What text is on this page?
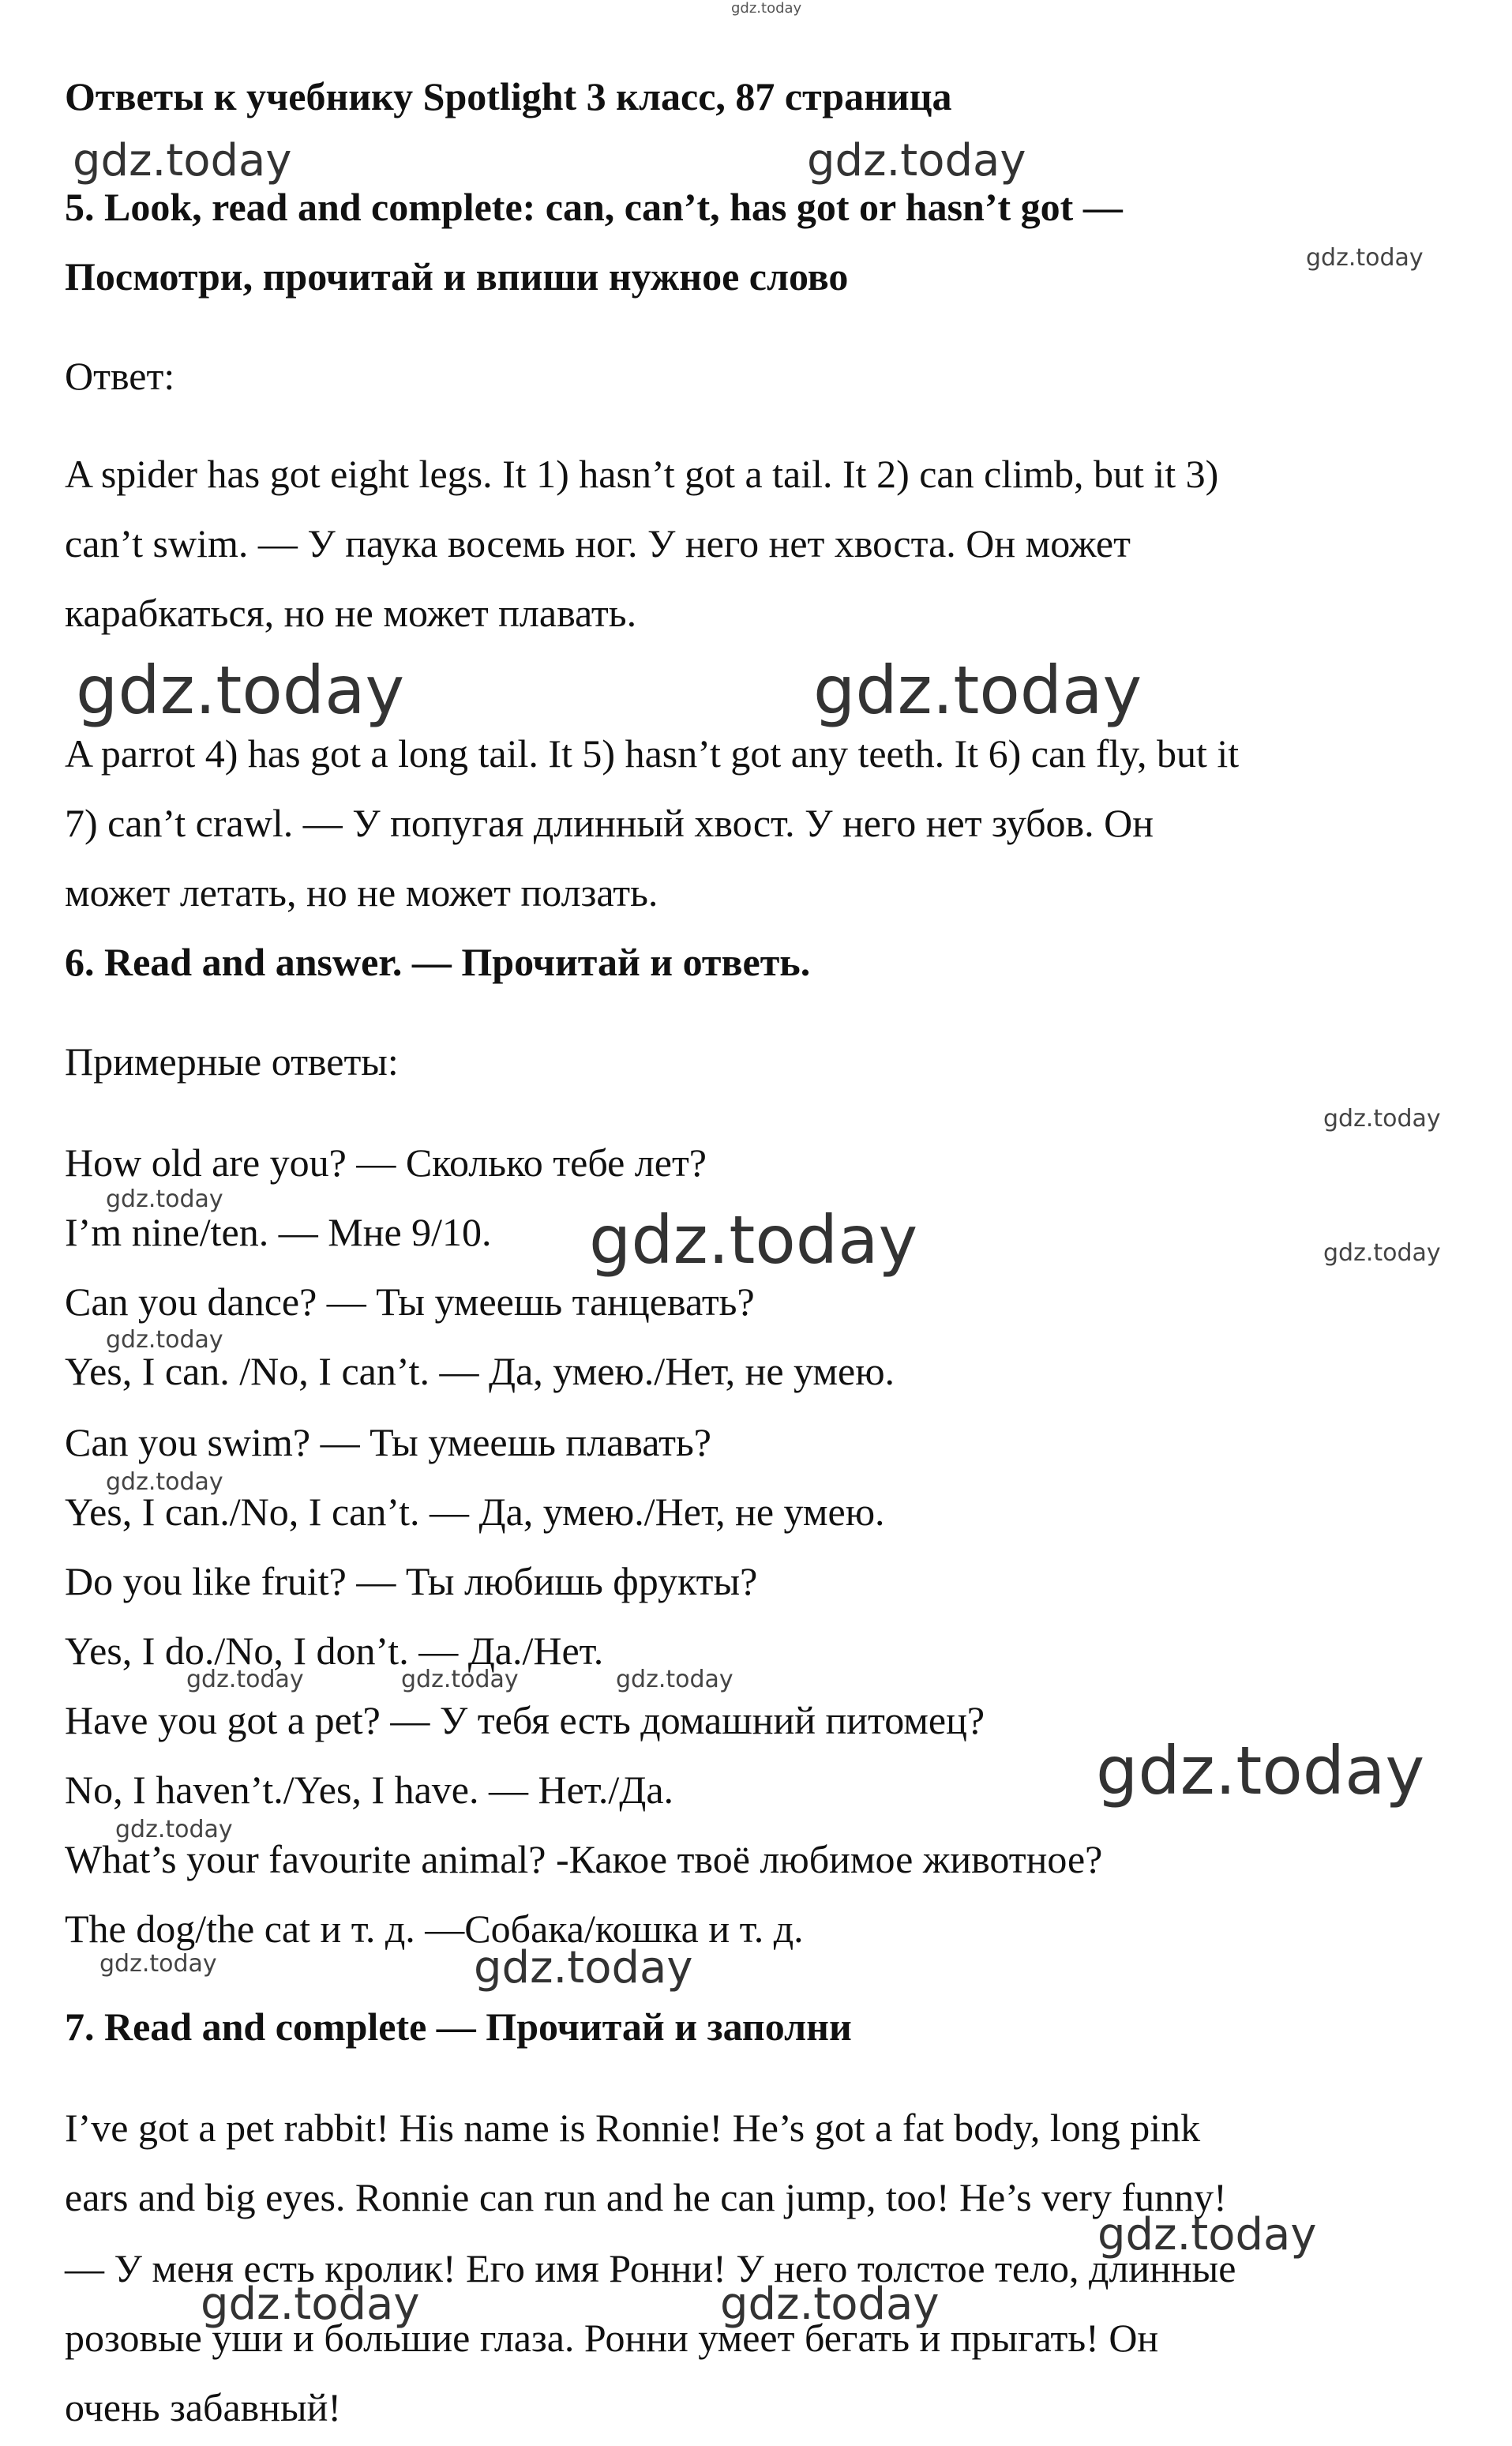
gdz.today
Ответы к учебнику Spotlight 3 класс, 87 страница
5. Look, read and complete: can, can’t, has got or hasn’t got —
Посмотри, прочитай и впиши нужное слово
Ответ:
A spider has got eight legs. It 1) hasn’t got a tail. It 2) can climb, but it 3)
can’t swim. — У паука восемь ног. У него нет хвоста. Он может
карабкаться, но не может плавать.
A parrot 4) has got a long tail. It 5) hasn’t got any teeth. It 6) can fly, but it
7) can’t crawl. — У попугая длинный хвост. У него нет зубов. Он
может летать, но не может ползать.
6. Read and answer. — Прочитай и ответь.
Примерные ответы:
How old are you? — Сколько тебе лет?
I’m nine/ten. — Мне 9/10.
Can you dance? — Ты умеешь танцевать?
Yes, I can. /No, I can’t. — Да, умею./Нет, не умею.
Can you swim? — Ты умеешь плавать?
Yes, I can./No, I can’t. — Да, умею./Нет, не умею.
Do you like fruit? — Ты любишь фрукты?
Yes, I do./No, I don’t. — Да./Нет.
Have you got a pet? — У тебя есть домашний питомец?
No, I haven’t./Yes, I have. — Нет./Да.
What’s your favourite animal? -Какое твоё любимое животное?
The dog/the cat и т. д. —Собака/кошка и т. д.
7. Read and complete — Прочитай и заполни
I’ve got a pet rabbit! His name is Ronnie! He’s got a fat body, long pink
ears and big eyes. Ronnie can run and he can jump, too! He’s very funny!
— У меня есть кролик! Его имя Ронни! У него толстое тело, длинные
розовые уши и большие глаза. Ронни умеет бегать и прыгать! Он
очень забавный!
gdz.today	gdz.today
gdz.today
gdz.today	gdz.today
gdz.today
gdz.today
gdz.today	gdz.today
gdz.today
gdz.today
gdz.today	gdz.today	gdz.today
gdz.today
gdz.today
gdz.today	gdz.today
gdz.today
gdz.today	gdz.today
